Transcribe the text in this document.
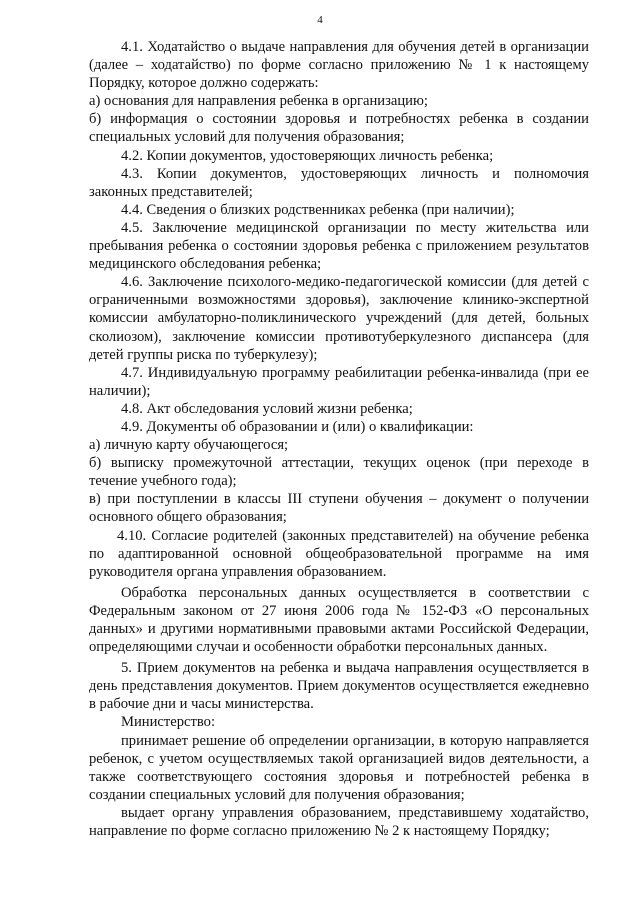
4

4.1. Ходатайство о выдаче направления для обучения детей в организации (далее – ходатайство) по форме согласно приложению № 1 к настоящему Порядку, которое должно содержать:

а) основания для направления ребенка в организацию;

б) информация о состоянии здоровья и потребностях ребенка в создании специальных условий для получения образования;

4.2. Копии документов, удостоверяющих личность ребенка;

4.3. Копии документов, удостоверяющих личность и полномочия законных представителей;

4.4. Сведения о близких родственниках ребенка (при наличии);

4.5. Заключение медицинской организации по месту жительства или пребывания ребенка о состоянии здоровья ребенка с приложением результатов медицинского обследования ребенка;

4.6. Заключение психолого-медико-педагогической комиссии (для детей с ограниченными возможностями здоровья), заключение клинико-экспертной комиссии амбулаторно-поликлинического учреждений (для детей, больных сколиозом), заключение комиссии противотуберкулезного диспансера (для детей группы риска по туберкулезу);

4.7. Индивидуальную программу реабилитации ребенка-инвалида (при ее наличии);

4.8. Акт обследования условий жизни ребенка;

4.9. Документы об образовании и (или) о квалификации:

а) личную карту обучающегося;

б) выписку промежуточной аттестации, текущих оценок (при переходе в течение учебного года);

в) при поступлении в классы III ступени обучения – документ о получении основного общего образования;

4.10. Согласие родителей (законных представителей) на обучение ребенка по адаптированной основной общеобразовательной программе на имя руководителя органа управления образованием.

Обработка персональных данных осуществляется в соответствии с Федеральным законом от 27 июня 2006 года № 152-ФЗ «О персональных данных» и другими нормативными правовыми актами Российской Федерации, определяющими случаи и особенности обработки персональных данных.

5. Прием документов на ребенка и выдача направления осуществляется в день представления документов. Прием документов осуществляется ежедневно в рабочие дни и часы министерства.

Министерство:

принимает решение об определении организации, в которую направляется ребенок, с учетом осуществляемых такой организацией видов деятельности, а также соответствующего состояния здоровья и потребностей ребенка в создании специальных условий для получения образования;

выдает органу управления образованием, представившему ходатайство, направление по форме согласно приложению № 2 к настоящему Порядку;
